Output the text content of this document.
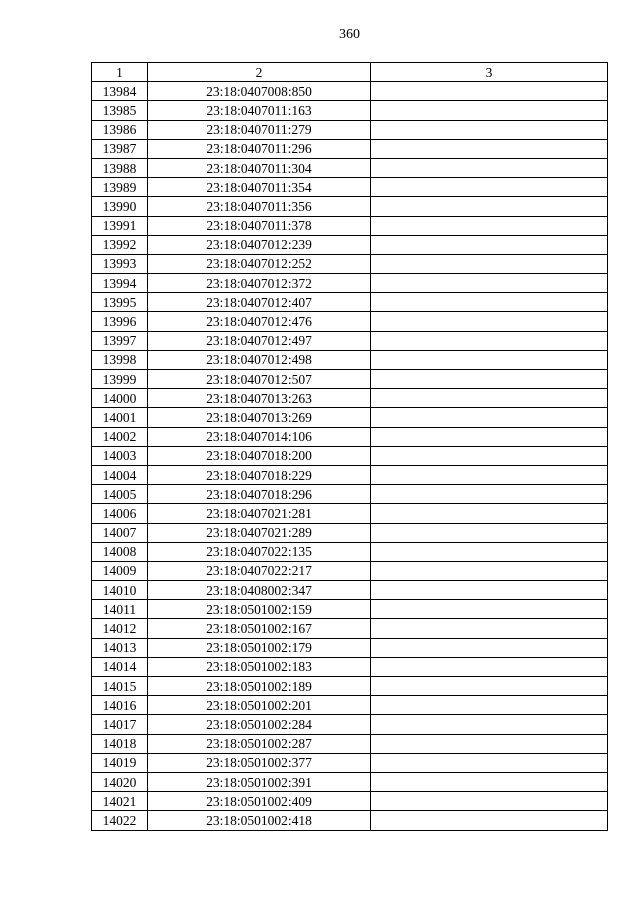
360
1	2	3
13984	23:18:0407008:850	
13985	23:18:0407011:163	
13986	23:18:0407011:279	
13987	23:18:0407011:296	
13988	23:18:0407011:304	
13989	23:18:0407011:354	
13990	23:18:0407011:356	
13991	23:18:0407011:378	
13992	23:18:0407012:239	
13993	23:18:0407012:252	
13994	23:18:0407012:372	
13995	23:18:0407012:407	
13996	23:18:0407012:476	
13997	23:18:0407012:497	
13998	23:18:0407012:498	
13999	23:18:0407012:507	
14000	23:18:0407013:263	
14001	23:18:0407013:269	
14002	23:18:0407014:106	
14003	23:18:0407018:200	
14004	23:18:0407018:229	
14005	23:18:0407018:296	
14006	23:18:0407021:281	
14007	23:18:0407021:289	
14008	23:18:0407022:135	
14009	23:18:0407022:217	
14010	23:18:0408002:347	
14011	23:18:0501002:159	
14012	23:18:0501002:167	
14013	23:18:0501002:179	
14014	23:18:0501002:183	
14015	23:18:0501002:189	
14016	23:18:0501002:201	
14017	23:18:0501002:284	
14018	23:18:0501002:287	
14019	23:18:0501002:377	
14020	23:18:0501002:391	
14021	23:18:0501002:409	
14022	23:18:0501002:418	
